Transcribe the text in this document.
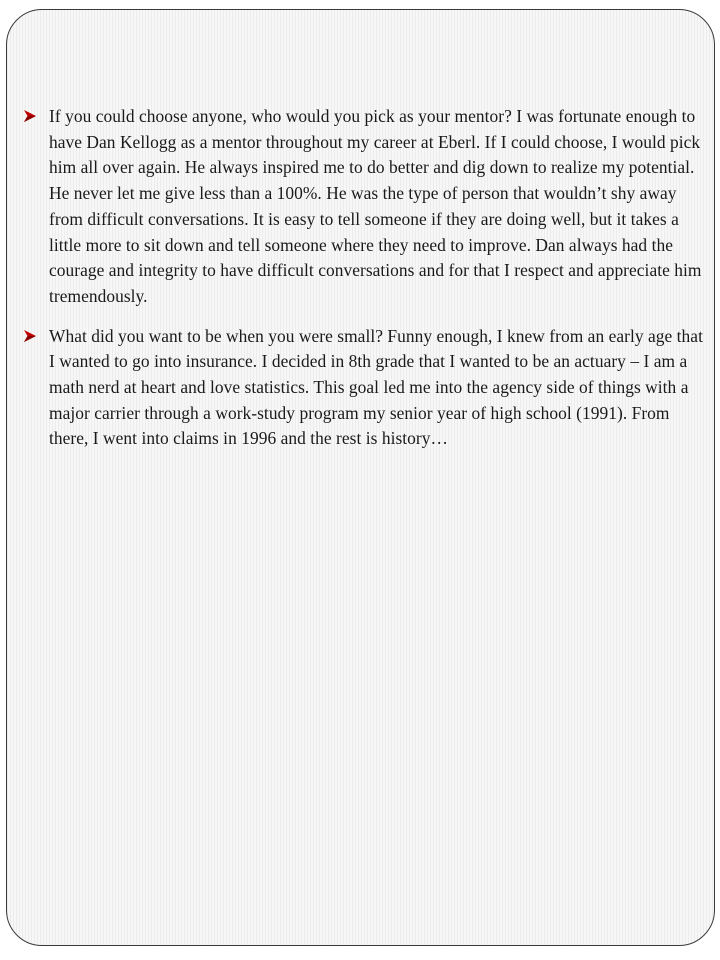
If you could choose anyone, who would you pick as your mentor? I was fortunate enough to have Dan Kellogg as a mentor throughout my career at Eberl. If I could choose, I would pick him all over again. He always inspired me to do better and dig down to realize my potential. He never let me give less than a 100%. He was the type of person that wouldn’t shy away from difficult conversations. It is easy to tell someone if they are doing well, but it takes a little more to sit down and tell someone where they need to improve. Dan always had the courage and integrity to have difficult conversations and for that I respect and appreciate him tremendously.

What did you want to be when you were small? Funny enough, I knew from an early age that I wanted to go into insurance. I decided in 8th grade that I wanted to be an actuary – I am a math nerd at heart and love statistics. This goal led me into the agency side of things with a major carrier through a work-study program my senior year of high school (1991). From there, I went into claims in 1996 and the rest is history…
